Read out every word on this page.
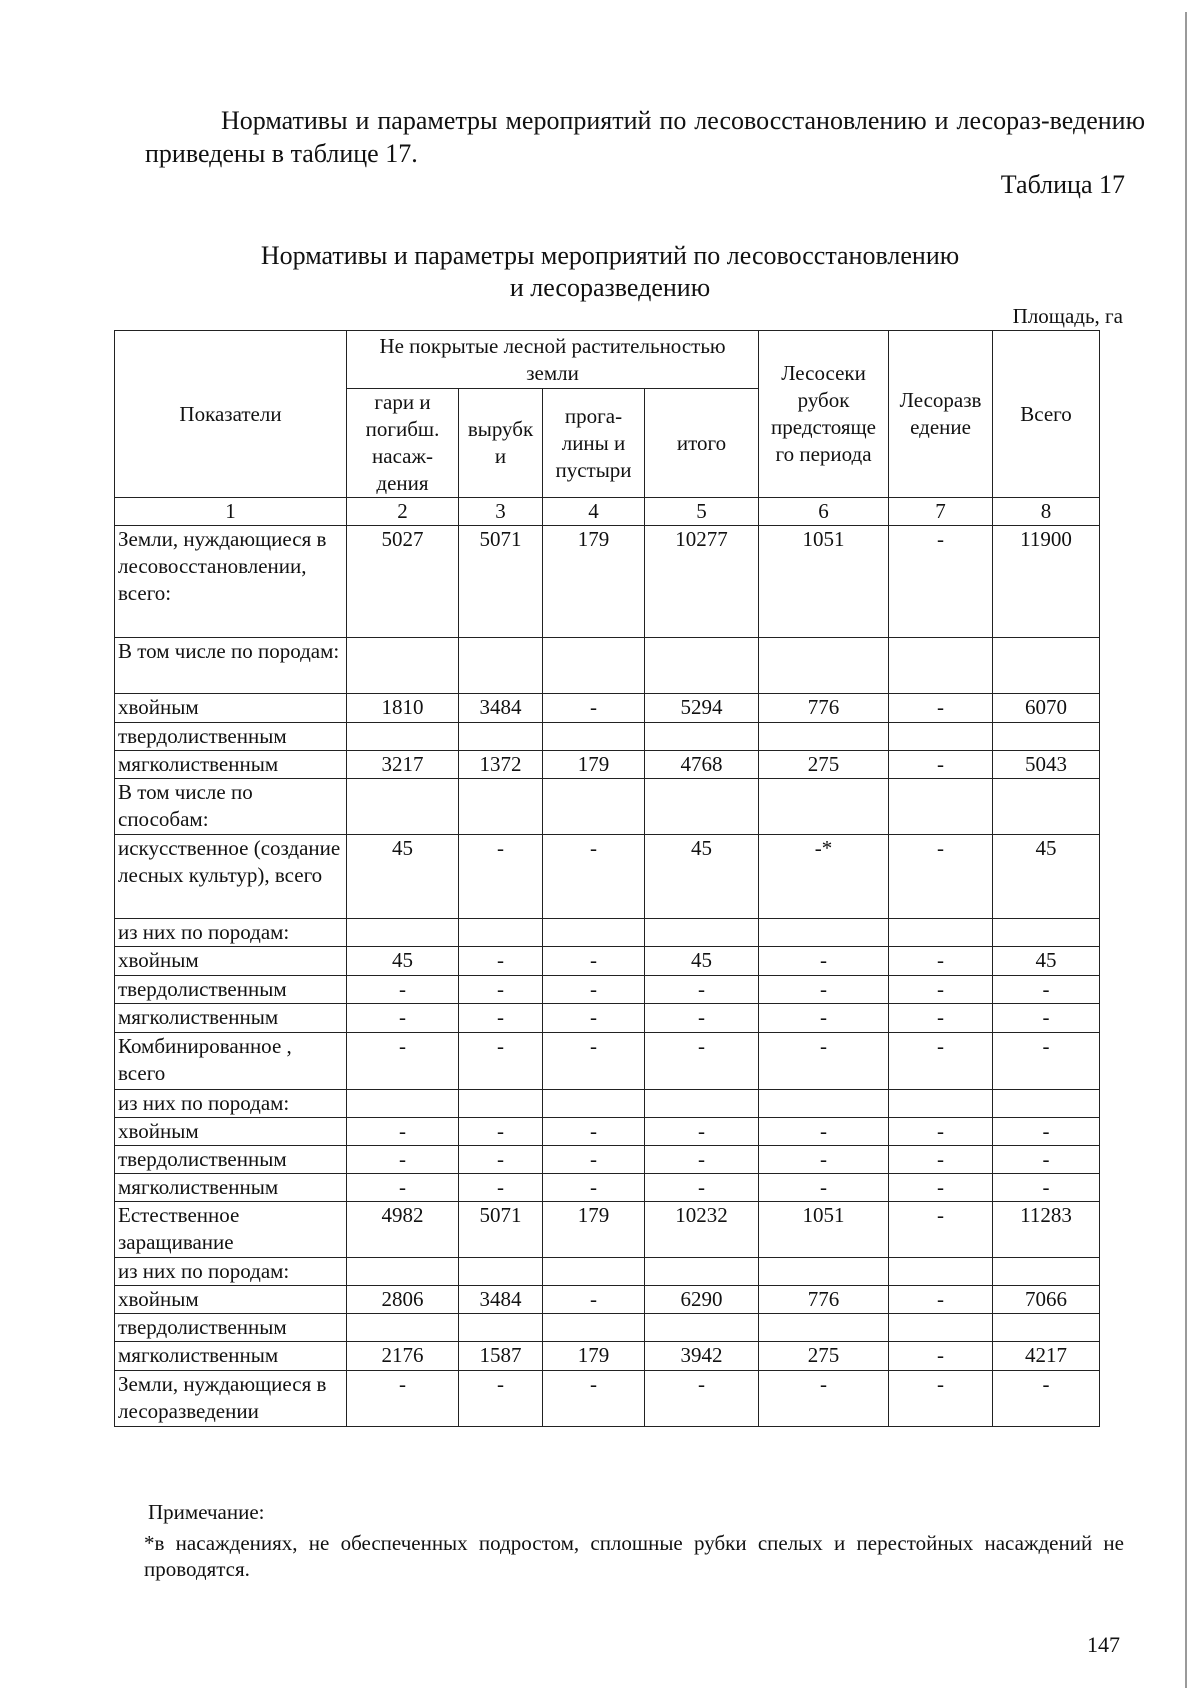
Нормативы и параметры мероприятий по лесовосстановлению и лесораз-ведению приведены в таблице 17.

Таблица 17

Нормативы и параметры мероприятий по лесовосстановлению
и лесоразведению

Площадь, га

Показатели	Не покрытые лесной растительностью земли				Лесосеки рубок предстояще го периода	Лесоразв едение	Всего
	гари и погибш. насаж-дения	вырубк и	прога-лины и пустыри	итого			
1	2	3	4	5	6	7	8
Земли, нуждающиеся в лесовосстановлении, всего:	5027	5071	179	10277	1051	-	11900
В том числе по породам:							
хвойным	1810	3484	-	5294	776	-	6070
твердолиственным							
мягколиственным	3217	1372	179	4768	275	-	5043
В том числе по способам:							
искусственное (создание лесных культур), всего	45	-	-	45	-*	-	45
из них по породам:							
хвойным	45	-	-	45	-	-	45
твердолиственным	-	-	-	-	-	-	-
мягколиственным	-	-	-	-	-	-	-
Комбинированное , всего	-	-	-	-	-	-	-
из них по породам:							
хвойным	-	-	-	-	-	-	-
твердолиственным	-	-	-	-	-	-	-
мягколиственным	-	-	-	-	-	-	-
Естественное заращивание	4982	5071	179	10232	1051	-	11283
из них по породам:							
хвойным	2806	3484	-	6290	776	-	7066
твердолиственным							
мягколиственным	2176	1587	179	3942	275	-	4217
Земли, нуждающиеся в лесоразведении	-	-	-	-	-	-	-

Примечание:

*в насаждениях, не обеспеченных подростом, сплошные рубки спелых и перестойных насаждений не проводятся.

147
